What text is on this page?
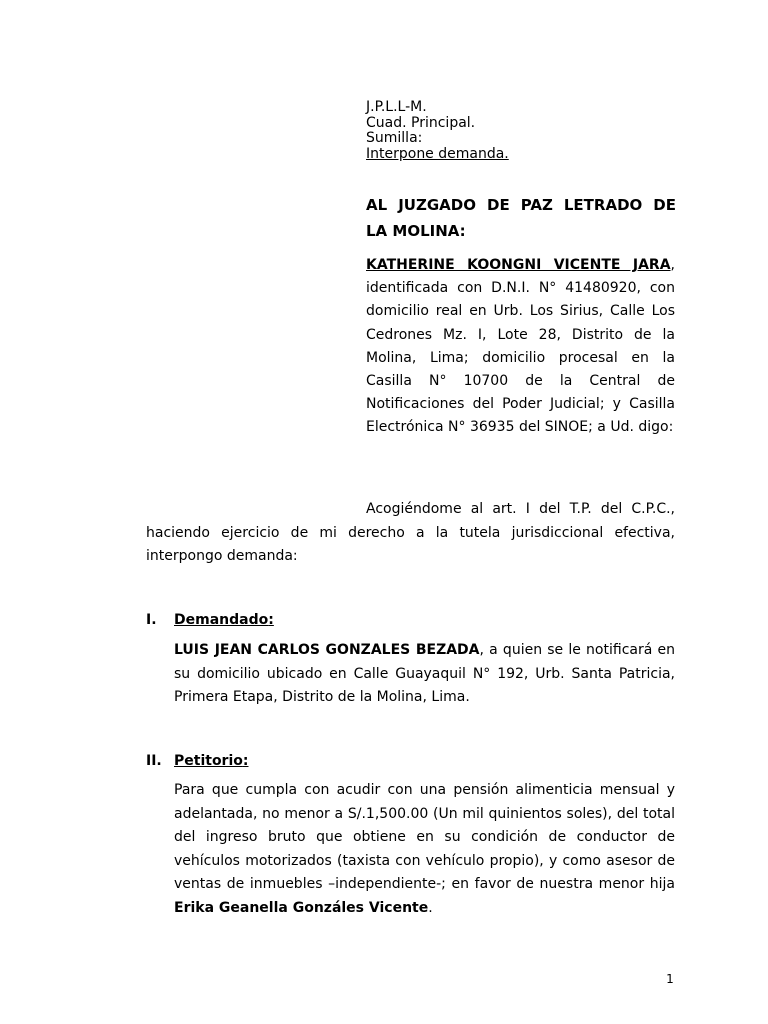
J.P.L.L-M.
Cuad. Principal.
Sumilla:
Interpone demanda.
AL JUZGADO DE PAZ LETRADO DE
LA MOLINA:
KATHERINE KOONGNI VICENTE JARA, identificada con D.N.I. N° 41480920, con domicilio real en Urb. Los Sirius, Calle Los Cedrones Mz. I, Lote 28, Distrito de la Molina, Lima; domicilio procesal en la Casilla N° 10700 de la Central de Notificaciones del Poder Judicial; y Casilla Electrónica N° 36935 del SINOE; a Ud. digo:
Acogiéndome al art. I del T.P. del C.P.C., haciendo ejercicio de mi derecho a la tutela jurisdiccional efectiva, interpongo demanda:
I. Demandado:
LUIS JEAN CARLOS GONZALES BEZADA, a quien se le notificará en su domicilio ubicado en Calle Guayaquil N° 192, Urb. Santa Patricia, Primera Etapa, Distrito de la Molina, Lima.
II. Petitorio:
Para que cumpla con acudir con una pensión alimenticia mensual y adelantada, no menor a S/.1,500.00 (Un mil quinientos soles), del total del ingreso bruto que obtiene en su condición de conductor de vehículos motorizados (taxista con vehículo propio), y como asesor de ventas de inmuebles –independiente-; en favor de nuestra menor hija Erika Geanella Gonzáles Vicente.
1
